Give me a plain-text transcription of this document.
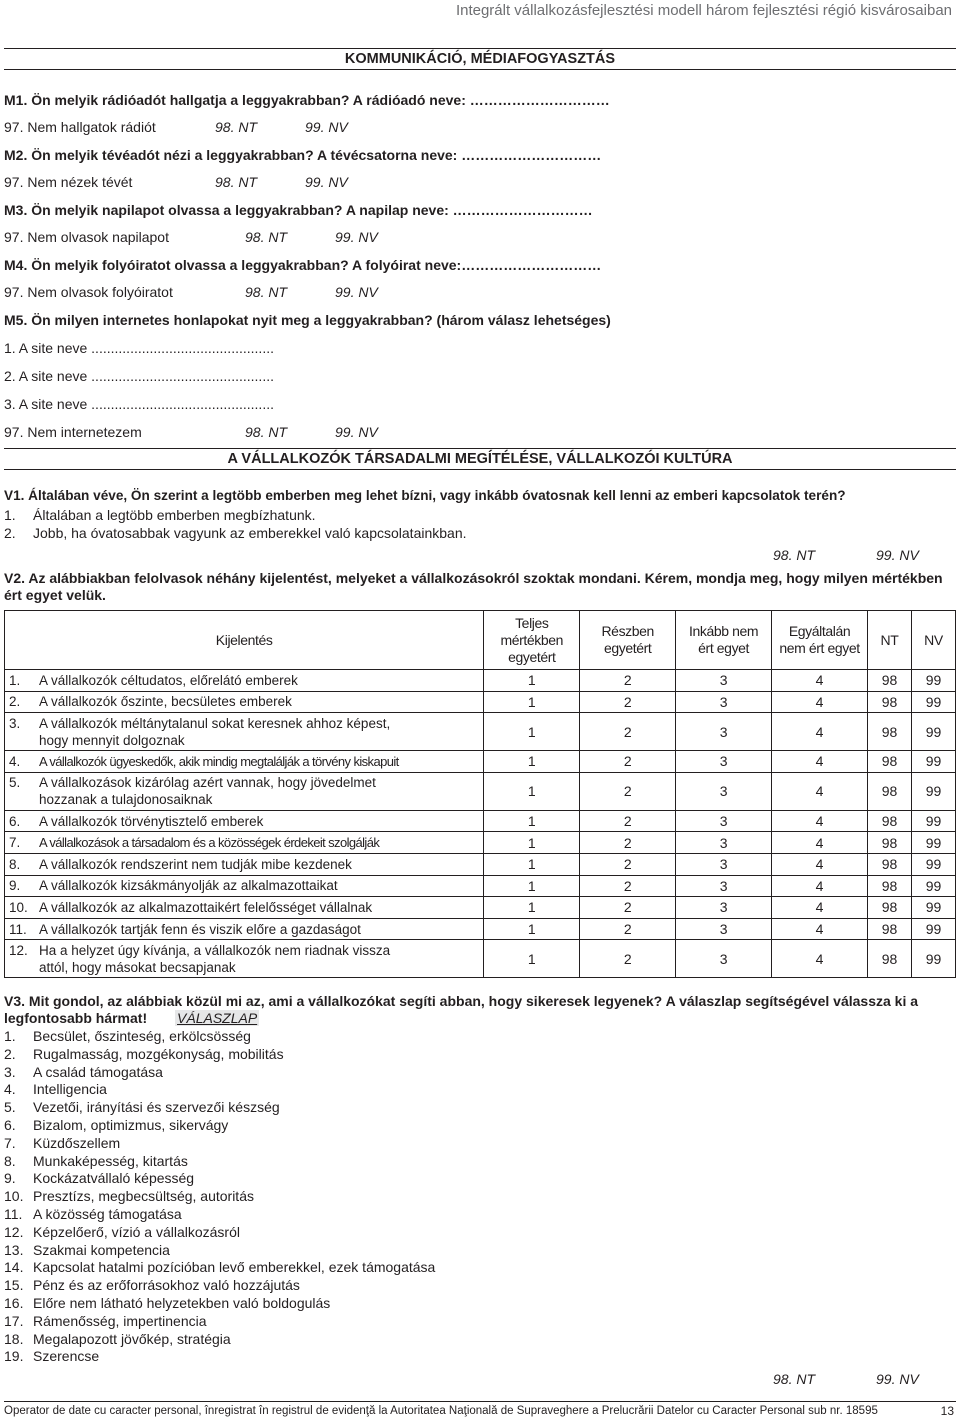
Integrált vállalkozásfejlesztési modell három fejlesztési régió kisvárosaiban
KOMMUNIKÁCIÓ, MÉDIAFOGYASZTÁS
M1. Ön melyik rádióadót hallgatja a leggyakrabban? A rádióadó neve: …………………………
97. Nem hallgatok rádiót	98. NT	99. NV
M2. Ön melyik tévéadót nézi a leggyakrabban? A tévécsatorna neve: …………………………
97. Nem nézek tévét	98. NT	99. NV
M3. Ön melyik napilapot olvassa a leggyakrabban? A napilap neve: …………………………
97. Nem olvasok napilapot	98. NT	99. NV
M4. Ön melyik folyóiratot olvassa a leggyakrabban? A folyóirat neve:…………………………
97. Nem olvasok folyóiratot	98. NT	99. NV
M5. Ön milyen internetes honlapokat nyit meg a leggyakrabban? (három válasz lehetséges)
1. A site neve ...............................................
2. A site neve ...............................................
3. A site neve ...............................................
97. Nem internetezem	98. NT	99. NV
A VÁLLALKOZÓK TÁRSADALMI MEGÍTÉLÉSE, VÁLLALKOZÓI KULTÚRA
V1. Általában véve, Ön szerint a legtöbb emberben meg lehet bízni, vagy inkább óvatosnak kell lenni az emberi kapcsolatok terén?
1. Általában a legtöbb emberben megbízhatunk.
2. Jobb, ha óvatosabbak vagyunk az emberekkel való kapcsolatainkban.
98. NT	99. NV
V2. Az alábbiakban felolvasok néhány kijelentést, melyeket a vállalkozásokról szoktak mondani. Kérem, mondja meg, hogy milyen mértékben ért egyet velük.
Kijelentés	Teljes mértékben egyetért	Részben egyetért	Inkább nem ért egyet	Egyáltalán nem ért egyet	NT	NV
1. A vállalkozók céltudatos, előrelátó emberek	1	2	3	4	98	99
2. A vállalkozók őszinte, becsületes emberek	1	2	3	4	98	99
3. A vállalkozók méltánytalanul sokat keresnek ahhoz képest,
hogy mennyit dolgoznak	1	2	3	4	98	99
4. A vállalkozók ügyeskedők, akik mindig megtalálják a törvény kiskapuit	1	2	3	4	98	99
5. A vállalkozások kizárólag azért vannak, hogy jövedelmet
hozzanak a tulajdonosaiknak	1	2	3	4	98	99
6. A vállalkozók törvénytisztelő emberek	1	2	3	4	98	99
7. A vállalkozások a társadalom és a közösségek érdekeit szolgálják	1	2	3	4	98	99
8. A vállalkozók rendszerint nem tudják mibe kezdenek	1	2	3	4	98	99
9. A vállalkozók kizsákmányolják az alkalmazottaikat	1	2	3	4	98	99
10. A vállalkozók az alkalmazottaikért felelősséget vállalnak	1	2	3	4	98	99
11. A vállalkozók tartják fenn és viszik előre a gazdaságot	1	2	3	4	98	99
12. Ha a helyzet úgy kívánja, a vállalkozók nem riadnak vissza
attól, hogy másokat becsapjanak	1	2	3	4	98	99
V3. Mit gondol, az alábbiak közül mi az, ami a vállalkozókat segíti abban, hogy sikeresek legyenek? A válaszlap segítségével válassza ki a legfontosabb hármat! VÁLASZLAP
1. Becsület, őszinteség, erkölcsösség
2. Rugalmasság, mozgékonyság, mobilitás
3. A család támogatása
4. Intelligencia
5. Vezetői, irányítási és szervezői készség
6. Bizalom, optimizmus, sikervágy
7. Küzdőszellem
8. Munkaképesség, kitartás
9. Kockázatvállaló képesség
10. Presztízs, megbecsültség, autoritás
11. A közösség támogatása
12. Képzelőerő, vízió a vállalkozásról
13. Szakmai kompetencia
14. Kapcsolat hatalmi pozícióban levő emberekkel, ezek támogatása
15. Pénz és az erőforrásokhoz való hozzájutás
16. Előre nem látható helyzetekben való boldogulás
17. Rámenősség, impertinencia
18. Megalapozott jövőkép, stratégia
19. Szerencse
98. NT	99. NV
Operator de date cu caracter personal, înregistrat în registrul de evidenţă la Autoritatea Naţională de Supraveghere a Prelucrării Datelor cu Caracter Personal sub nr. 18595	13
